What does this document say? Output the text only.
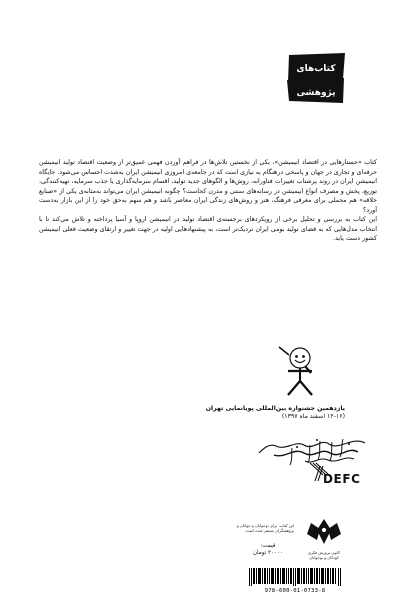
کتاب‌های
پژوهشی

کتاب «جستارهایی در اقتصاد انیمیشن»، یکی از نخستین تلاش‌ها در فراهم آوردن فهمی عمیق‌تر از وضعیت اقتصاد تولید انیمیشن حرفه‌ای و تجاری در جهان و پاسخی درهنگام به نیازی است که در جامعه‌ی امروزی انیمیشن ایران به‌شدت احساس می‌شود. جایگاه انیمیشن ایران در روند پرشتاب تغییرات فناورانه، روش‌ها و الگوهای جدید تولید، اقسام سرمایه‌گذاری یا جذب سرمایه، تهیه‌کنندگی، توزیع، پخش و مصرف انواع انیمیشن در رسانه‌های سنتی و مدرن کجاست؟ چگونه انیمیشن ایران می‌تواند به‌مثابه‌ی یکی از «صنایع خلاقه» هم محملی برای معرفی فرهنگ، هنر و روش‌های زندگی ایران معاصر باشد و هم سهم به‌حق خود را از این بازار به‌دست آورد؟

این کتاب به بررسی و تحلیل برخی از رویکردهای برجسته‌ی اقتصاد تولید در انیمیشن اروپا و آسیا پرداخته و تلاش می‌کند تا با انتخاب مدل‌هایی که به فضای تولید بومی ایران نزدیک‌تر است، به پیشنهادهایی اولیه در جهت تغییر و ارتقای وضعیت فعلی انیمیشن کشور دست یابد.

یازدهمین جشنواره بین‌المللی پویانمایی تهران
(۱۲-۱۶ اسفند ماه ۱۳۹۷)
DEFC
این کتاب، برای نوجوانان و جوانان و پژوهشگران منتشر شده است.
کانون پرورش فکری کودکان و نوجوانان
قیمت:
۳۰۰۰۰ تومان
978-600-01-0733-8
